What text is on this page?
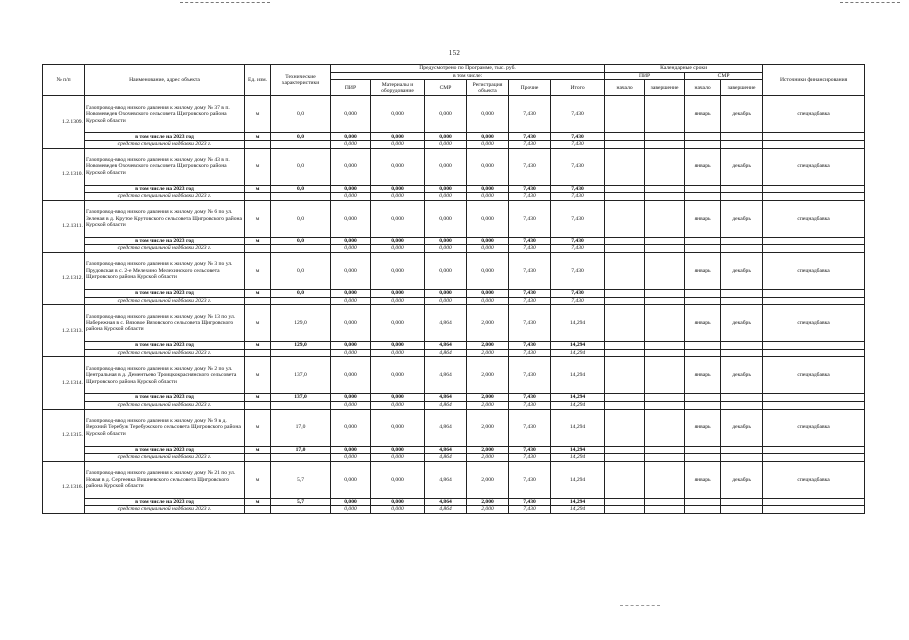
152
№ п/п	Наименование, адрес объекта	Ед. изм.	Технические характеристики	Предусмотрено по Программе, тыс. руб.						Календарные сроки				Источники финансирования
				в том числе:						ПИР		СМР		
				ПИР	Материалы и оборудование	СМР	Регистрация объекта	Прочие	Итого	начало	завершение	начало	завершение	
1.2.1309.	Газопровод-ввод низкого давления к жилому дому № 37 в п. Новомеведев Охочевского сельсовета Щигровского района Курской области	м	0,0	0,000	0,000	0,000	0,000	7,430	7,430			январь	декабрь	спецнадбавка
	в том числе на 2023 год	м	0,0	0,000	0,000	0,000	0,000	7,430	7,430					
	средства специальной надбавки 2023 г.			0,000	0,000	0,000	0,000	7,430	7,430					
1.2.1310.	Газопровод-ввод низкого давления к жилому дому № 43 в п. Новомеведев Охочевского сельсовета Щигровского района Курской области	м	0,0	0,000	0,000	0,000	0,000	7,430	7,430			январь	декабрь	спецнадбавка
	в том числе на 2023 год	м	0,0	0,000	0,000	0,000	0,000	7,430	7,430					
	средства специальной надбавки 2023 г.			0,000	0,000	0,000	0,000	7,430	7,430					
1.2.1311.	Газопровод-ввод низкого давления к жилому дому № 6 по ул. Зеленая в д. Крутое Крутовского сельсовета Щигровского района Курской области	м	0,0	0,000	0,000	0,000	0,000	7,430	7,430			январь	декабрь	спецнадбавка
	в том числе на 2023 год	м	0,0	0,000	0,000	0,000	0,000	7,430	7,430					
	средства специальной надбавки 2023 г.			0,000	0,000	0,000	0,000	7,430	7,430					
1.2.1312.	Газопровод-ввод низкого давления к жилому дому № 3 по ул. Прудовская в с. 2-е Мелехино Мелехинского сельсовета Щигровского района Курской области	м	0,0	0,000	0,000	0,000	0,000	7,430	7,430			январь	декабрь	спецнадбавка
	в том числе на 2023 год	м	0,0	0,000	0,000	0,000	0,000	7,430	7,430					
	средства специальной надбавки 2023 г.			0,000	0,000	0,000	0,000	7,430	7,430					
1.2.1313.	Газопровод-ввод низкого давления к жилому дому № 13 по ул. Набережная в с. Вязовое Вязовского сельсовета Щигровского района Курской области	м	129,0	0,000	0,000	4,864	2,000	7,430	14,294			январь	декабрь	спецнадбавка
	в том числе на 2023 год	м	129,0	0,000	0,000	4,864	2,000	7,430	14,294					
	средства специальной надбавки 2023 г.			0,000	0,000	4,864	2,000	7,430	14,294					
1.2.1314.	Газопровод-ввод низкого давления к жилому дому № 2 по ул. Центральная в д. Дементьево Троицкокраснянского сельсовета Щигровского района Курской области	м	137,0	0,000	0,000	4,864	2,000	7,430	14,294			январь	декабрь	спецнадбавка
	в том числе на 2023 год	м	137,0	0,000	0,000	4,864	2,000	7,430	14,294					
	средства специальной надбавки 2023 г.			0,000	0,000	4,864	2,000	7,430	14,294					
1.2.1315.	Газопровод-ввод низкого давления к жилому дому № 9 в д. Верхний Теребуж Теребужского сельсовета Щигровского района Курской области	м	17,0	0,000	0,000	4,864	2,000	7,430	14,294			январь	декабрь	спецнадбавка
	в том числе на 2023 год	м	17,0	0,000	0,000	4,864	2,000	7,430	14,294					
	средства специальной надбавки 2023 г.			0,000	0,000	4,864	2,000	7,430	14,294					
1.2.1316.	Газопровод-ввод низкого давления к жилому дому № 21 по ул. Новая в д. Сергеевка Вишневского сельсовета Щигровского района Курской области	м	5,7	0,000	0,000	4,864	2,000	7,430	14,294			январь	декабрь	спецнадбавка
	в том числе на 2023 год	м	5,7	0,000	0,000	4,864	2,000	7,430	14,294					
	средства специальной надбавки 2023 г.			0,000	0,000	4,864	2,000	7,430	14,294					
